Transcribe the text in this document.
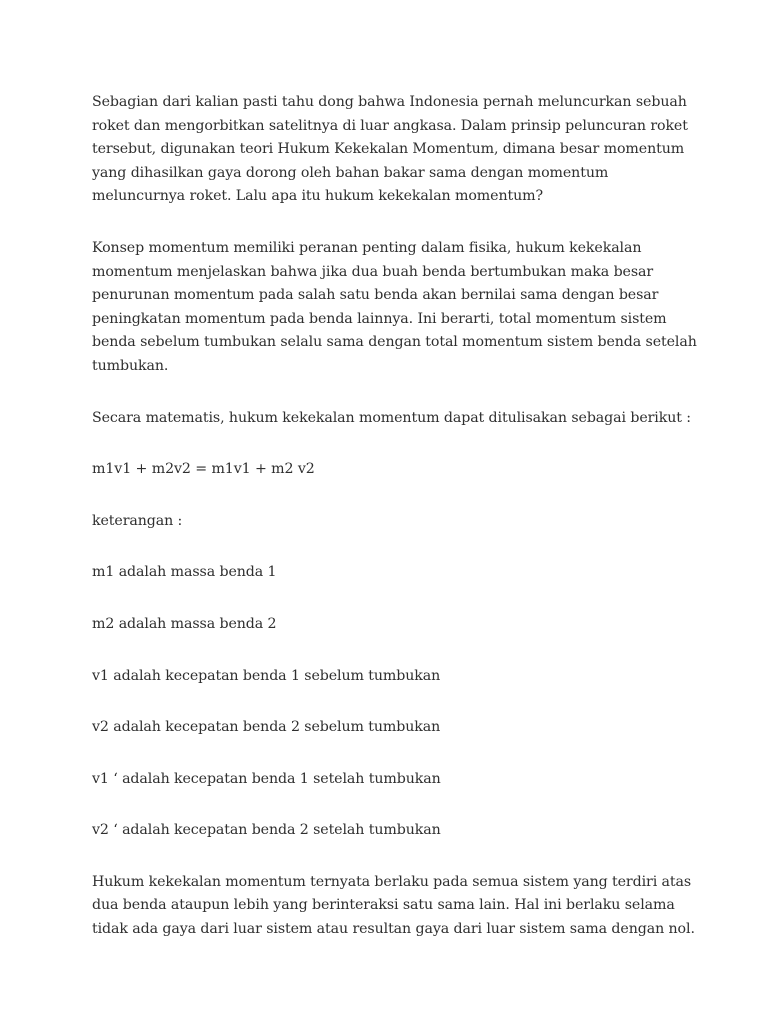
Sebagian dari kalian pasti tahu dong bahwa Indonesia pernah meluncurkan sebuah
roket dan mengorbitkan satelitnya di luar angkasa. Dalam prinsip peluncuran roket
tersebut, digunakan teori Hukum Kekekalan Momentum, dimana besar momentum
yang dihasilkan gaya dorong oleh bahan bakar sama dengan momentum
meluncurnya roket. Lalu apa itu hukum kekekalan momentum?

Konsep momentum memiliki peranan penting dalam fisika, hukum kekekalan
momentum menjelaskan bahwa jika dua buah benda bertumbukan maka besar
penurunan momentum pada salah satu benda akan bernilai sama dengan besar
peningkatan momentum pada benda lainnya. Ini berarti, total momentum sistem
benda sebelum tumbukan selalu sama dengan total momentum sistem benda setelah
tumbukan.

Secara matematis, hukum kekekalan momentum dapat ditulisakan sebagai berikut :

m1v1 + m2v2 = m1v1 + m2 v2

keterangan :

m1 adalah massa benda 1

m2 adalah massa benda 2

v1 adalah kecepatan benda 1 sebelum tumbukan

v2 adalah kecepatan benda 2 sebelum tumbukan

v1 ‘ adalah kecepatan benda 1 setelah tumbukan

v2 ‘ adalah kecepatan benda 2 setelah tumbukan

Hukum kekekalan momentum ternyata berlaku pada semua sistem yang terdiri atas
dua benda ataupun lebih yang berinteraksi satu sama lain. Hal ini berlaku selama
tidak ada gaya dari luar sistem atau resultan gaya dari luar sistem sama dengan nol.
